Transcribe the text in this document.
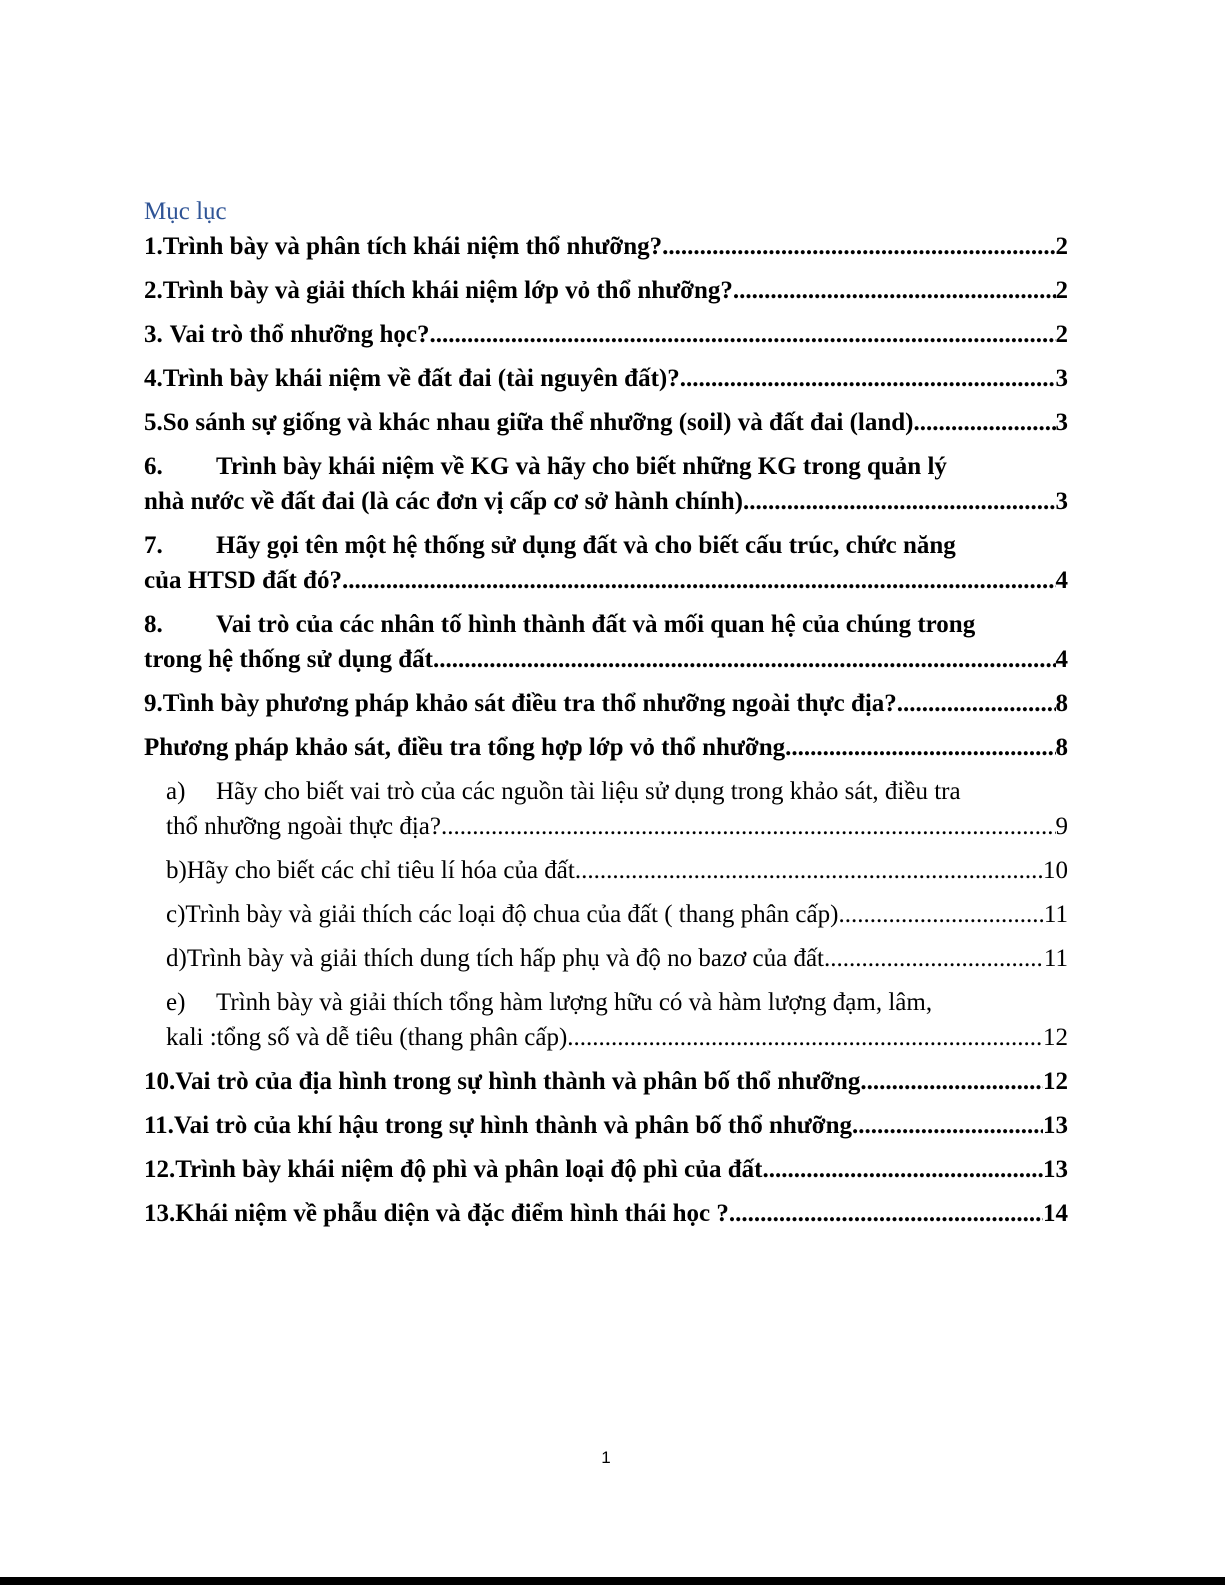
Mục lục
1. Trình bày và phân tích khái niệm thổ nhưỡng? .....	2
2. Trình bày và giải thích khái niệm lớp vỏ thổ nhưỡng? .....	2
3. Vai trò thổ nhưỡng học? .....	2
4. Trình bày khái niệm về đất đai (tài nguyên đất)? .....	3
5. So sánh sự giống và khác nhau giữa thể nhưỡng (soil) và đất đai (land). .....	3
6. Trình bày khái niệm về KG và hãy cho biết những KG trong quản lý
nhà nước về đất đai (là các đơn vị cấp cơ sở hành chính) .....	3
7. Hãy gọi tên một hệ thống sử dụng đất và cho biết cấu trúc, chức năng
của HTSD đất đó? .....	4
8. Vai trò của các nhân tố hình thành đất và mối quan hệ của chúng trong
trong hệ thống sử dụng đất .....	4
9. Tình bày phương pháp khảo sát điều tra thổ nhưỡng ngoài thực địa? .....	8
Phương pháp khảo sát, điều tra tổng hợp lớp vỏ thổ nhưỡng .....	8
a) Hãy cho biết vai trò của các nguồn tài liệu sử dụng trong khảo sát, điều tra
thổ nhưỡng ngoài thực địa? .....	9
b) Hãy cho biết các chỉ tiêu lí hóa của đất .....	10
c) Trình bày và giải thích các loại độ chua của đất ( thang phân cấp) .....	11
d) Trình bày và giải thích dung tích hấp phụ và độ no bazơ của đất .....	11
e) Trình bày và giải thích tổng hàm lượng hữu có và hàm lượng đạm, lâm,
kali :tổng số và dễ tiêu (thang phân cấp) .....	12
10. Vai trò của địa hình trong sự hình thành và phân bố thổ nhưỡng .....	12
11. Vai trò của khí hậu trong sự hình thành và phân bố thổ nhưỡng .....	13
12. Trình bày khái niệm độ phì và phân loại độ phì của đất .....	13
13. Khái niệm về phẫu diện và đặc điểm hình thái học ? .....	14
1
